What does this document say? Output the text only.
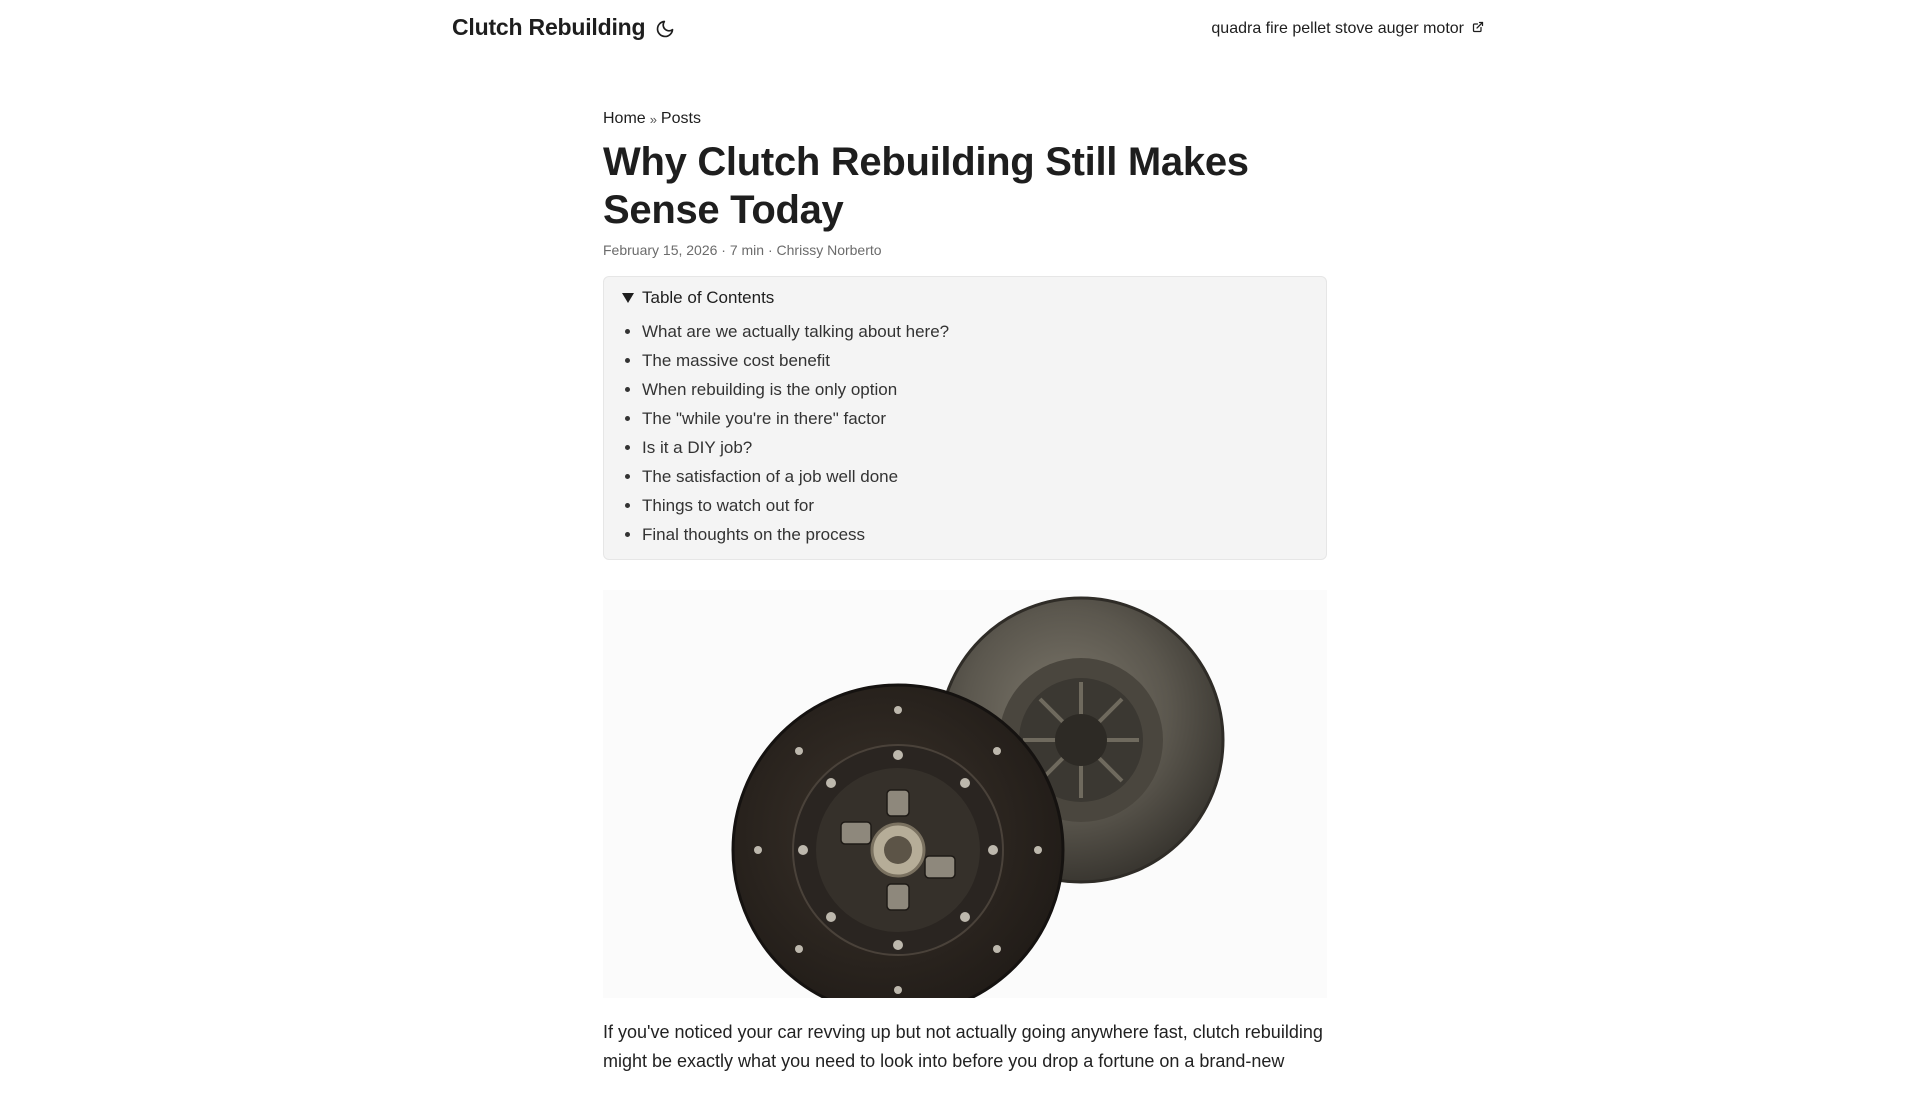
Clutch Rebuilding	quadra fire pellet stove auger motor
Home » Posts
Why Clutch Rebuilding Still Makes Sense Today
February 15, 2026 · 7 min · Chrissy Norberto
Table of Contents
• What are we actually talking about here?
• The massive cost benefit
• When rebuilding is the only option
• The "while you're in there" factor
• Is it a DIY job?
• The satisfaction of a job well done
• Things to watch out for
• Final thoughts on the process

If you've noticed your car revving up but not actually going anywhere fast, clutch rebuilding might be exactly what you need to look into before you drop a fortune on a brand-new
